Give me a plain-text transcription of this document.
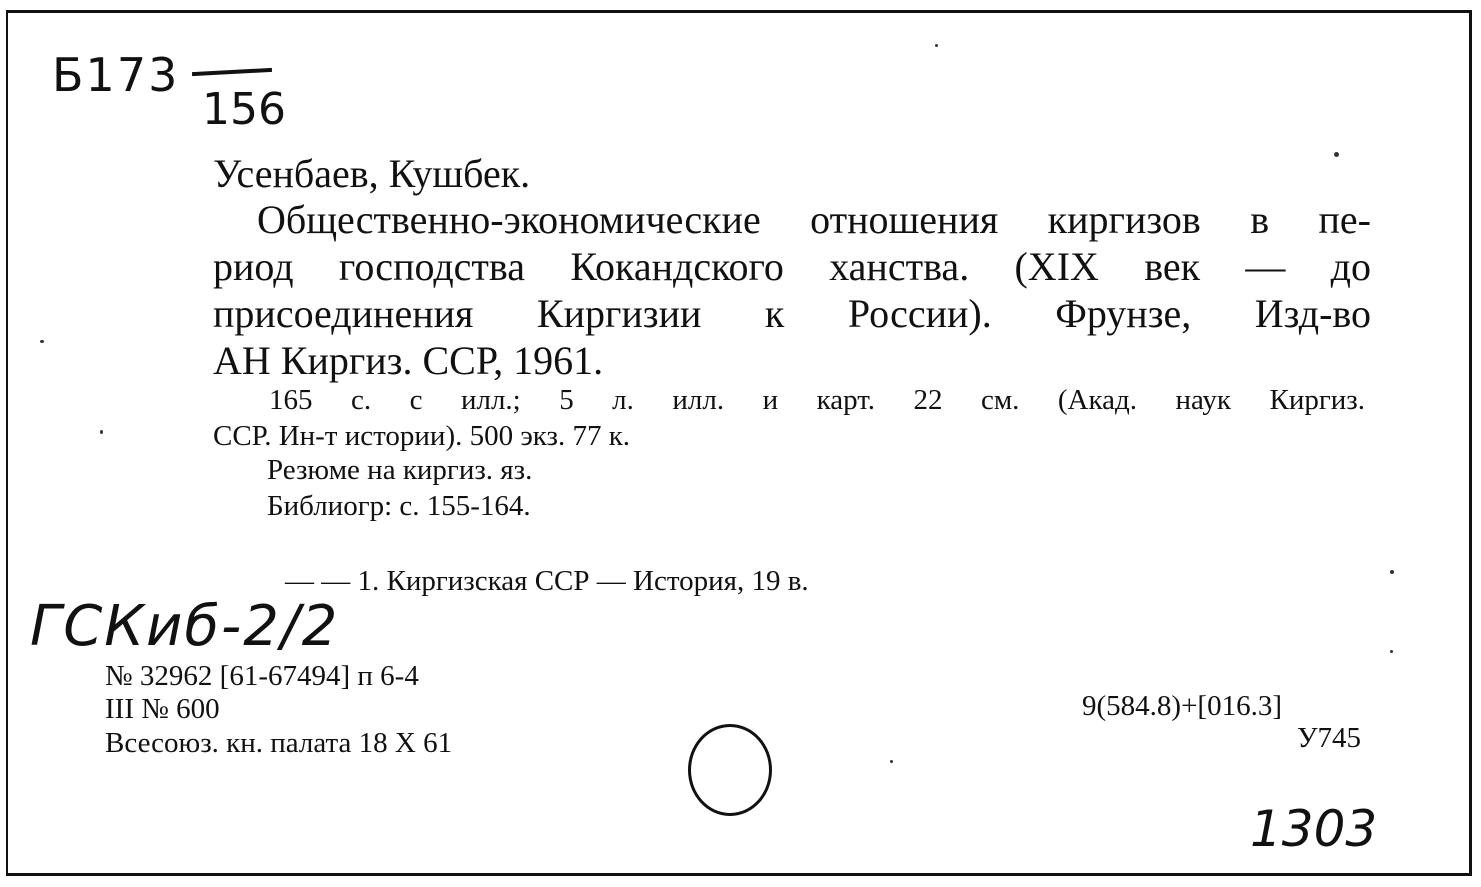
Б173
156
Усенбаев, Кушбек.
Общественно-экономические отношения киргизов в пе-
риод господства Кокандского ханства. (XIX век — до
присоединения Киргизии к России). Фрунзе, Изд-во
АН Киргиз. ССР, 1961.
165 с. с илл.; 5 л. илл. и карт. 22 см. (Акад. наук Киргиз.
ССР. Ин-т истории). 500 экз. 77 к.
Резюме на киргиз. яз.
Библиогр: с. 155-164.
— — 1. Киргизская ССР — История, 19 в.
ГСКиб-2/2
№ 32962 [61-67494] п 6-4
III № 600
Всесоюз. кн. палата 18 X 61
9(584.8)+[016.3]
У745
1303
